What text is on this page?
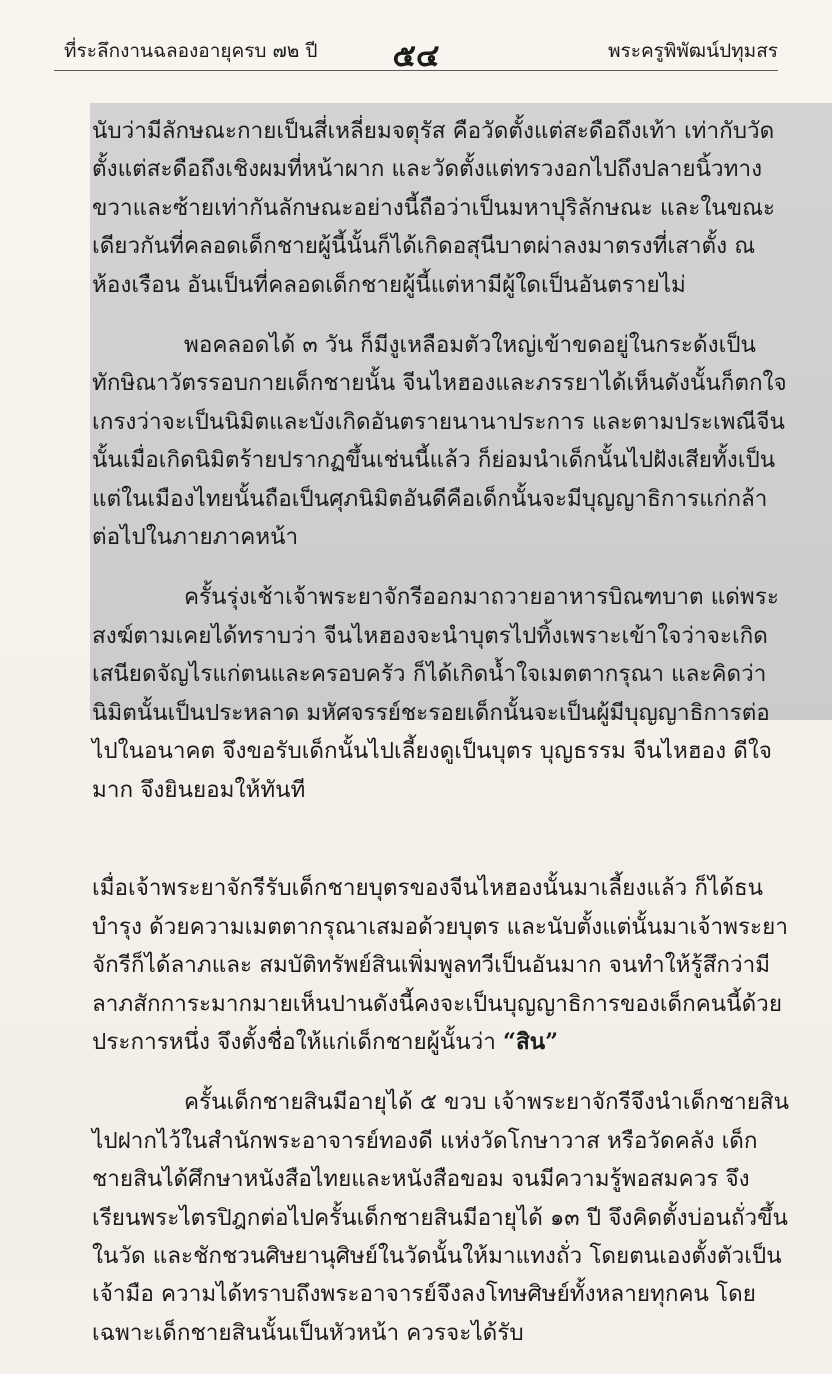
ที่ระลึกงานฉลองอายุครบ ๗๒ ปี ๕๔	พระครูพิพัฒน์ปทุมสร

นับว่ามีลักษณะกายเป็นสี่เหลี่ยมจตุรัส คือวัดตั้งแต่สะดือถึงเท้า เท่ากับวัดตั้งแต่สะดือถึงเชิงผมที่หน้าผาก และวัดตั้งแต่ทรวงอกไปถึงปลายนิ้วทางขวาและซ้ายเท่ากันลักษณะอย่างนี้ถือว่าเป็นมหาปุริลักษณะ และในขณะเดียวกันที่คลอดเด็กชายผู้นี้นั้นก็ได้เกิดอสุนีบาตผ่าลงมาตรงที่เสาตั้ง ณ ห้องเรือน อันเป็นที่คลอดเด็กชายผู้นี้แต่หามีผู้ใดเป็นอันตรายไม่

พอคลอดได้ ๓ วัน ก็มีงูเหลือมตัวใหญ่เข้าขดอยู่ในกระด้งเป็นทักษิณาวัตรรอบกายเด็กชายนั้น จีนไหฮองและภรรยาได้เห็นดังนั้นก็ตกใจ เกรงว่าจะเป็นนิมิตและบังเกิดอันตรายนานาประการ และตามประเพณีจีนนั้นเมื่อเกิดนิมิตร้ายปรากฏขึ้นเช่นนี้แล้ว ก็ย่อมนำเด็กนั้นไปฝังเสียทั้งเป็นแต่ในเมืองไทยนั้นถือเป็นศุภนิมิตอันดีคือเด็กนั้นจะมีบุญญาธิการแก่กล้าต่อไปในภายภาคหน้า

ครั้นรุ่งเช้าเจ้าพระยาจักรีออกมาถวายอาหารบิณฑบาต แด่พระสงฆ์ตามเคยได้ทราบว่า จีนไหฮองจะนำบุตรไปทิ้งเพราะเข้าใจว่าจะเกิดเสนียดจัญไรแก่ตนและครอบครัว ก็ได้เกิดน้ำใจเมตตากรุณา และคิดว่านิมิตนั้นเป็นประหลาด มหัศจรรย์ชะรอยเด็กนั้นจะเป็นผู้มีบุญญาธิการต่อไปในอนาคต จึงขอรับเด็กนั้นไปเลี้ยงดูเป็นบุตร บุญธรรม จีนไหฮอง ดีใจมาก จึงยินยอมให้ทันที

เมื่อเจ้าพระยาจักรีรับเด็กชายบุตรของจีนไหฮองนั้นมาเลี้ยงแล้ว ก็ได้ธนบำรุง ด้วยความเมตตากรุณาเสมอด้วยบุตร และนับตั้งแต่นั้นมาเจ้าพระยาจักรีก็ได้ลาภและ สมบัติทรัพย์สินเพิ่มพูลทวีเป็นอันมาก จนทำให้รู้สึกว่ามีลาภสักการะมากมายเห็นปานดังนี้คงจะเป็นบุญญาธิการของเด็กคนนี้ด้วยประการหนึ่ง จึงตั้งชื่อให้แก่เด็กชายผู้นั้นว่า “สิน”

ครั้นเด็กชายสินมีอายุได้ ๕ ขวบ เจ้าพระยาจักรีจึงนำเด็กชายสิน ไปฝากไว้ในสำนักพระอาจารย์ทองดี แห่งวัดโกษาวาส หรือวัดคลัง เด็กชายสินได้ศึกษาหนังสือไทยและหนังสือขอม จนมีความรู้พอสมควร จึงเรียนพระไตรปิฎกต่อไปครั้นเด็กชายสินมีอายุได้ ๑๓ ปี จึงคิดตั้งบ่อนถั่วขึ้นในวัด และชักชวนศิษยานุศิษย์ในวัดนั้นให้มาแทงถั่ว โดยตนเองตั้งตัวเป็นเจ้ามือ ความได้ทราบถึงพระอาจารย์จึงลงโทษศิษย์ทั้งหลายทุกคน โดยเฉพาะเด็กชายสินนั้นเป็นหัวหน้า ควรจะได้รับ
